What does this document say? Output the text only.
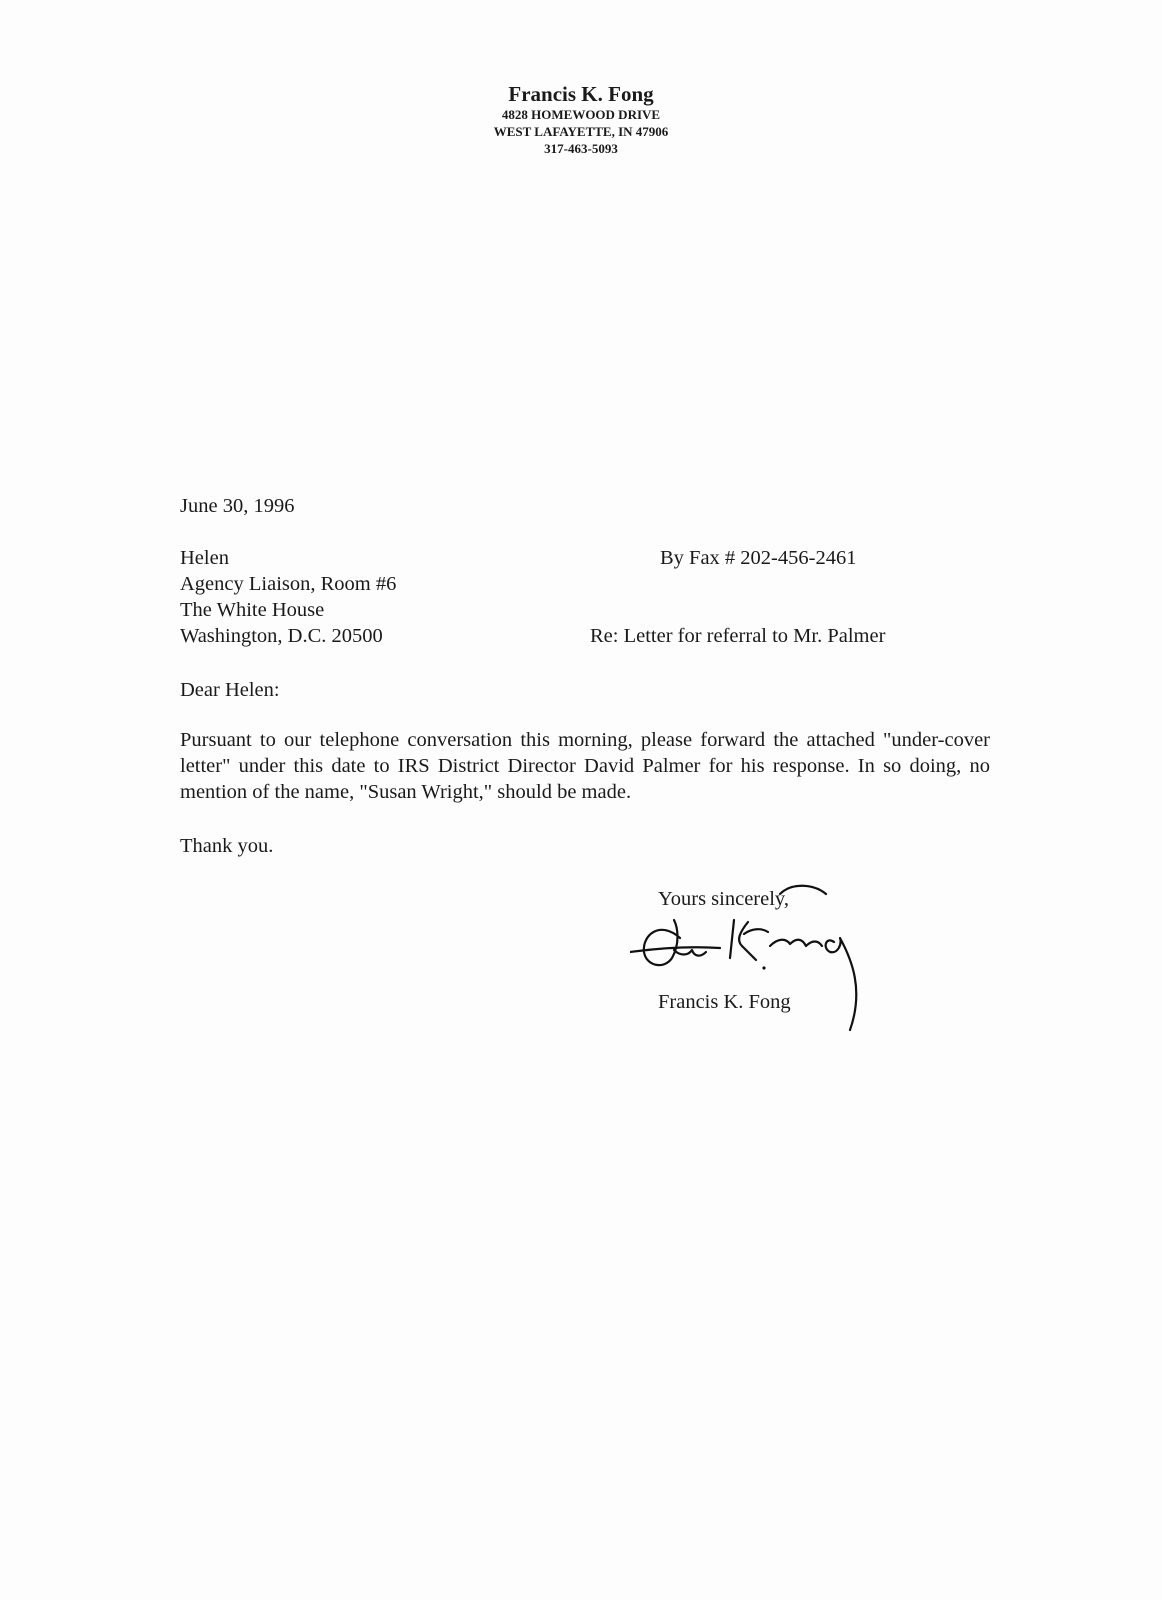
Francis K. Fong
4828 HOMEWOOD DRIVE
WEST LAFAYETTE, IN 47906
317-463-5093
June 30, 1996
Helen
Agency Liaison, Room #6
The White House
Washington, D.C. 20500
By Fax # 202-456-2461
Re: Letter for referral to Mr. Palmer
Dear Helen:
Pursuant to our telephone conversation this morning, please forward the attached "under-cover letter" under this date to IRS District Director David Palmer for his response. In so doing, no mention of the name, "Susan Wright," should be made.
Thank you.
Yours sincerely,
Francis K. Fong
